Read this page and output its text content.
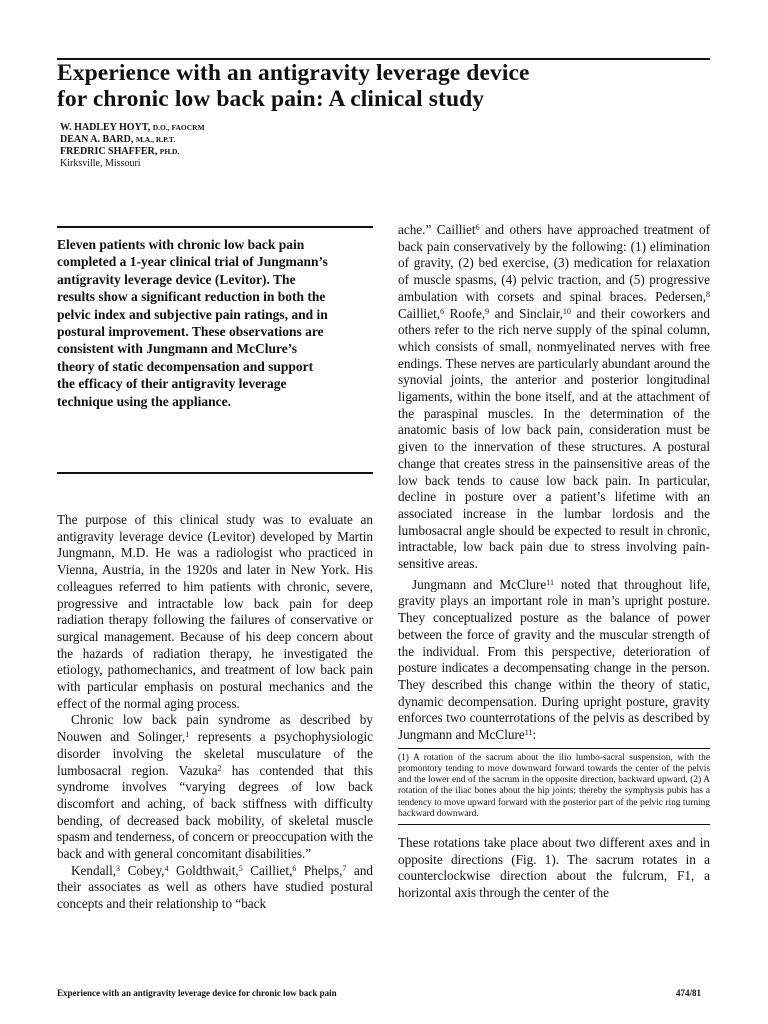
Experience with an antigravity leverage device
for chronic low back pain: A clinical study
W. HADLEY HOYT, D.O., FAOCRM
DEAN A. BARD, M.A., R.P.T.
FREDRIC SHAFFER, PH.D.
Kirksville, Missouri

Eleven patients with chronic low back pain completed a 1-year clinical trial of Jungmann’s antigravity leverage device (Levitor). The results show a significant reduction in both the pelvic index and subjective pain ratings, and in postural improvement. These observations are consistent with Jungmann and McClure’s theory of static decompensation and support the efficacy of their antigravity leverage technique using the appliance.

The purpose of this clinical study was to evaluate an antigravity leverage device (Levitor) developed by Martin Jungmann, M.D. He was a radiologist who practiced in Vienna, Austria, in the 1920s and later in New York. His colleagues referred to him patients with chronic, severe, progressive and intractable low back pain for deep radiation therapy following the failures of conservative or surgical management. Because of his deep concern about the hazards of radiation therapy, he investigated the etiology, pathomechanics, and treatment of low back pain with particular emphasis on postural mechanics and the effect of the normal aging process.

Chronic low back pain syndrome as described by Nouwen and Solinger,$^1$ represents a psychophysiologic disorder involving the skeletal musculature of the lumbosacral region. Vazuka$^2$ has contended that this syndrome involves “varying degrees of low back discomfort and aching, of back stiffness with difficulty bending, of decreased back mobility, of skeletal muscle spasm and tenderness, of concern or preoccupation with the back and with general concomitant disabilities.”

Kendall,$^3$ Cobey,$^4$ Goldthwait,$^5$ Cailliet,$^6$ Phelps,$^7$ and their associates as well as others have studied postural concepts and their relationship to “back

ache.” Cailliet$^6$ and others have approached treatment of back pain conservatively by the following: (1) elimination of gravity, (2) bed exercise, (3) medication for relaxation of muscle spasms, (4) pelvic traction, and (5) progressive ambulation with corsets and spinal braces. Pedersen,$^8$ Cailliet,$^6$ Roofe,$^9$ and Sinclair,$^{10}$ and their coworkers and others refer to the rich nerve supply of the spinal column, which consists of small, nonmyelinated nerves with free endings. These nerves are particularly abundant around the synovial joints, the anterior and posterior longitudinal ligaments, within the bone itself, and at the attachment of the paraspinal muscles. In the determination of the anatomic basis of low back pain, consideration must be given to the innervation of these structures. A postural change that creates stress in the painsensitive areas of the low back tends to cause low back pain. In particular, decline in posture over a patient’s lifetime with an associated increase in the lumbar lordosis and the lumbosacral angle should be expected to result in chronic, intractable, low back pain due to stress involving pain-sensitive areas.

Jungmann and McClure$^{11}$ noted that throughout life, gravity plays an important role in man’s upright posture. They conceptualized posture as the balance of power between the force of gravity and the muscular strength of the individual. From this perspective, deterioration of posture indicates a decompensating change in the person. They described this change within the theory of static, dynamic decompensation. During upright posture, gravity enforces two counterrotations of the pelvis as described by Jungmann and McClure$^{11}$:

(1) A rotation of the sacrum about the ilio lumbo-sacral suspension, with the promontory tending to move downward forward towards the center of the pelvis and the lower end of the sacrum in the opposite direction, backward upward. (2) A rotation of the iliac bones about the hip joints; thereby the symphysis pubis has a tendency to move upward forward with the posterior part of the pelvic ring turning backward downward.

These rotations take place about two different axes and in opposite directions (Fig. 1). The sacrum rotates in a counterclockwise direction about the fulcrum, F1, a horizontal axis through the center of the

Experience with an antigravity leverage device for chronic low back pain	474/81
